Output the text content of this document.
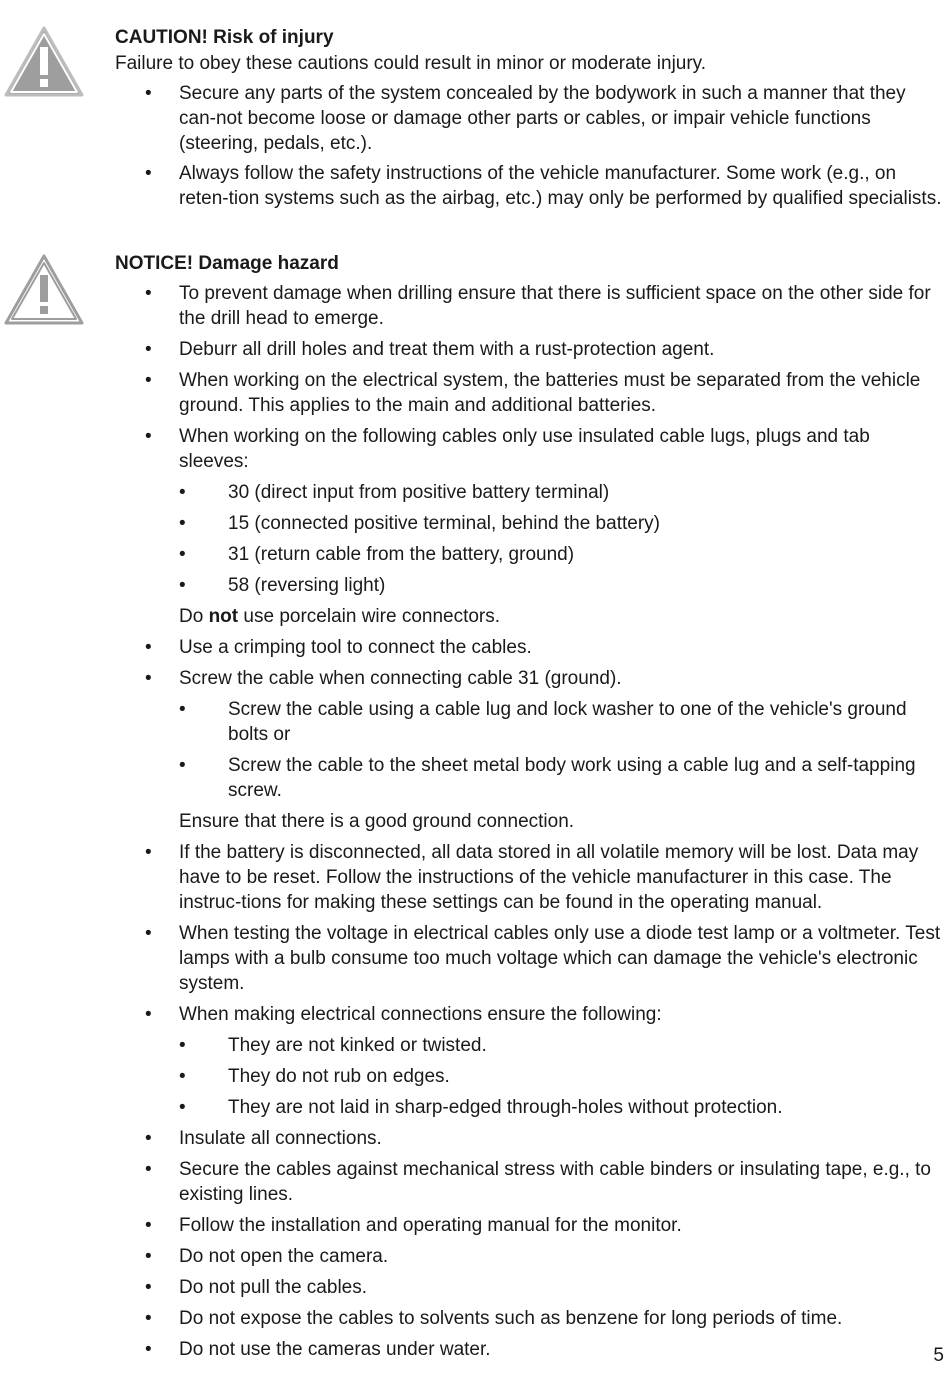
CAUTION! Risk of injury
Failure to obey these cautions could result in minor or moderate injury.
• Secure any parts of the system concealed by the bodywork in such a manner that they can-not become loose or damage other parts or cables, or impair vehicle functions (steering, pedals, etc.).
• Always follow the safety instructions of the vehicle manufacturer. Some work (e.g., on reten-tion systems such as the airbag, etc.) may only be performed by qualified specialists.
NOTICE! Damage hazard
• To prevent damage when drilling ensure that there is sufficient space on the other side for the drill head to emerge.
• Deburr all drill holes and treat them with a rust-protection agent.
• When working on the electrical system, the batteries must be separated from the vehicle ground. This applies to the main and additional batteries.
• When working on the following cables only use insulated cable lugs, plugs and tab sleeves:
• 30 (direct input from positive battery terminal)
• 15 (connected positive terminal, behind the battery)
• 31 (return cable from the battery, ground)
• 58 (reversing light)
Do not use porcelain wire connectors.
• Use a crimping tool to connect the cables.
• Screw the cable when connecting cable 31 (ground).
• Screw the cable using a cable lug and lock washer to one of the vehicle's ground bolts or
• Screw the cable to the sheet metal body work using a cable lug and a self-tapping screw.
Ensure that there is a good ground connection.
• If the battery is disconnected, all data stored in all volatile memory will be lost. Data may have to be reset. Follow the instructions of the vehicle manufacturer in this case. The instruc-tions for making these settings can be found in the operating manual.
• When testing the voltage in electrical cables only use a diode test lamp or a voltmeter. Test lamps with a bulb consume too much voltage which can damage the vehicle's electronic system.
• When making electrical connections ensure the following:
• They are not kinked or twisted.
• They do not rub on edges.
• They are not laid in sharp-edged through-holes without protection.
• Insulate all connections.
• Secure the cables against mechanical stress with cable binders or insulating tape, e.g., to existing lines.
• Follow the installation and operating manual for the monitor.
• Do not open the camera.
• Do not pull the cables.
• Do not expose the cables to solvents such as benzene for long periods of time.
• Do not use the cameras under water.	5
